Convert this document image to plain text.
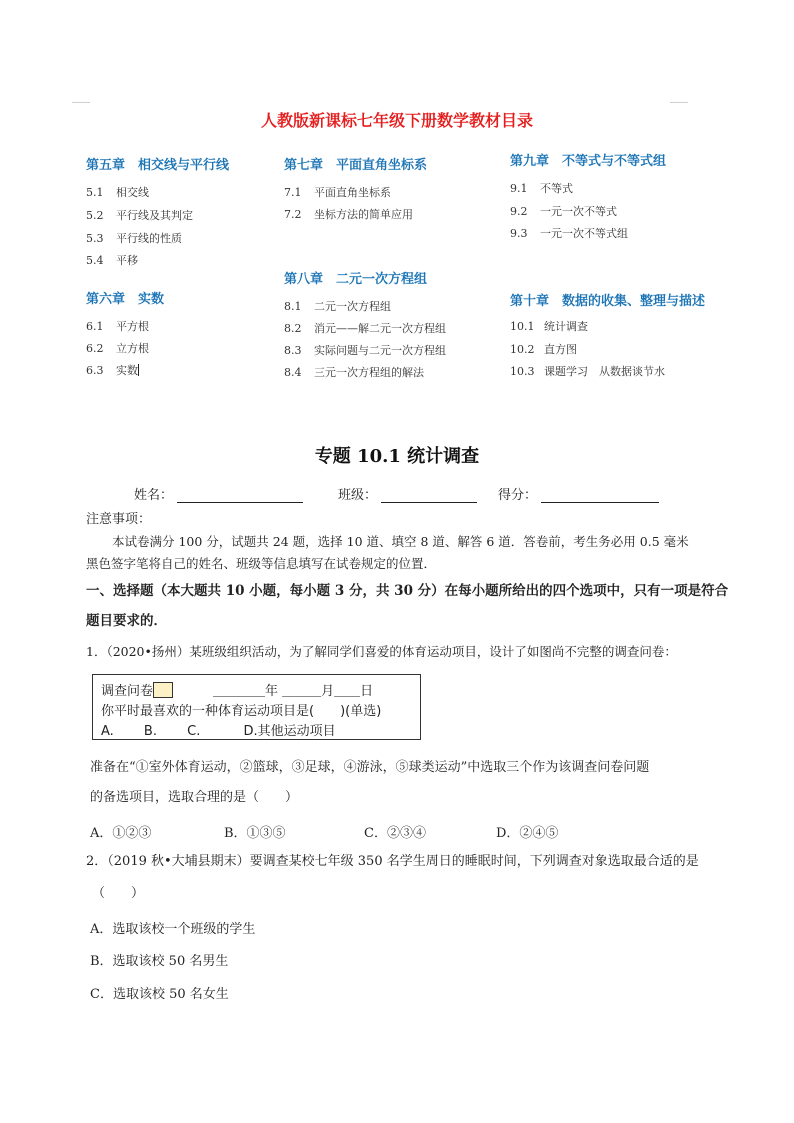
人教版新课标七年级下册数学教材目录
第五章　相交线与平行线
5.1 相交线
5.2 平行线及其判定
5.3 平行线的性质
5.4 平移
第六章　实数
6.1 平方根
6.2 立方根
6.3 实数
第七章　平面直角坐标系
7.1 平面直角坐标系
7.2 坐标方法的简单应用
第八章　二元一次方程组
8.1 二元一次方程组
8.2 消元——解二元一次方程组
8.3 实际问题与二元一次方程组
8.4 三元一次方程组的解法
第九章　不等式与不等式组
9.1 不等式
9.2 一元一次不等式
9.3 一元一次不等式组
第十章　数据的收集、整理与描述
10.1 统计调查
10.2 直方图
10.3 课题学习　从数据谈节水
专题 10.1 统计调查
姓名：	班级：	得分：
注意事项：
本试卷满分 100 分，试题共 24 题，选择 10 道、填空 8 道、解答 6 道．答卷前，考生务必用 0.5 毫米
黑色签字笔将自己的姓名、班级等信息填写在试卷规定的位置．
一、选择题（本大题共 10 小题，每小题 3 分，共 30 分）在每小题所给出的四个选项中，只有一项是符合
题目要求的．
1．（2020•扬州）某班级组织活动，为了解同学们喜爱的体育运动项目，设计了如图尚不完整的调查问卷：
调查问卷	＿＿＿＿年 ＿＿＿月＿＿日
你平时最喜欢的一种体育运动项目是(　　)(单选)
A.　　 B.　　 C.　　　 D.其他运动项目
准备在“①室外体育运动，②篮球，③足球，④游泳，⑤球类运动”中选取三个作为该调查问卷问题
的备选项目，选取合理的是（　　）
A．①②③	B．①③⑤	C．②③④	D．②④⑤
2．（2019 秋•大埔县期末）要调查某校七年级 350 名学生周日的睡眠时间，下列调查对象选取最合适的是
（　　）
A．选取该校一个班级的学生
B．选取该校 50 名男生
C．选取该校 50 名女生
